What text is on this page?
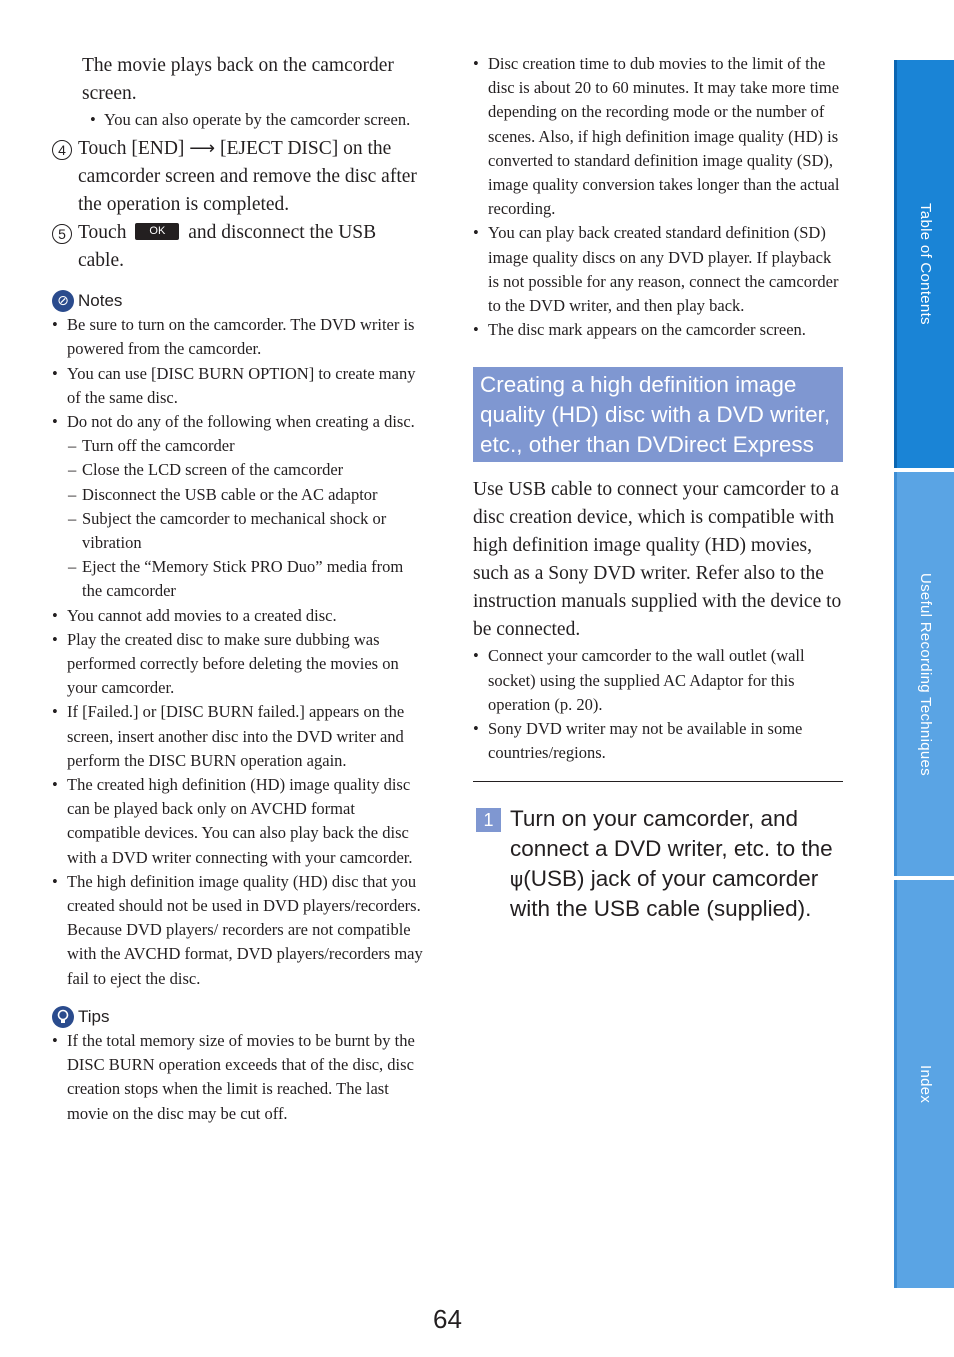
The movie plays back on the camcorder screen.
• You can also operate by the camcorder screen.
4 Touch [END] ⟶ [EJECT DISC] on the camcorder screen and remove the disc after the operation is completed.
5 Touch OK and disconnect the USB cable.
⊘ Notes
• Be sure to turn on the camcorder. The DVD writer is powered from the camcorder.
• You can use [DISC BURN OPTION] to create many of the same disc.
• Do not do any of the following when creating a disc.
– Turn off the camcorder
– Close the LCD screen of the camcorder
– Disconnect the USB cable or the AC adaptor
– Subject the camcorder to mechanical shock or vibration
– Eject the “Memory Stick PRO Duo” media from the camcorder
• You cannot add movies to a created disc.
• Play the created disc to make sure dubbing was performed correctly before deleting the movies on your camcorder.
• If [Failed.] or [DISC BURN failed.] appears on the screen, insert another disc into the DVD writer and perform the DISC BURN operation again.
• The created high definition (HD) image quality disc can be played back only on AVCHD format compatible devices. You can also play back the disc with a DVD writer connecting with your camcorder.
• The high definition image quality (HD) disc that you created should not be used in DVD players/recorders. Because DVD players/ recorders are not compatible with the AVCHD format, DVD players/recorders may fail to eject the disc.
Tips
• If the total memory size of movies to be burnt by the DISC BURN operation exceeds that of the disc, disc creation stops when the limit is reached. The last movie on the disc may be cut off.
• Disc creation time to dub movies to the limit of the disc is about 20 to 60 minutes. It may take more time depending on the recording mode or the number of scenes. Also, if high definition image quality (HD) is converted to standard definition image quality (SD), image quality conversion takes longer than the actual recording.
• You can play back created standard definition (SD) image quality discs on any DVD player. If playback is not possible for any reason, connect the camcorder to the DVD writer, and then play back.
• The disc mark appears on the camcorder screen.
Creating a high definition image quality (HD) disc with a DVD writer, etc., other than DVDirect Express
Use USB cable to connect your camcorder to a disc creation device, which is compatible with high definition image quality (HD) movies, such as a Sony DVD writer. Refer also to the instruction manuals supplied with the device to be connected.
• Connect your camcorder to the wall outlet (wall socket) using the supplied AC Adaptor for this operation (p. 20).
• Sony DVD writer may not be available in some countries/regions.
1 Turn on your camcorder, and connect a DVD writer, etc. to the ψ(USB) jack of your camcorder with the USB cable (supplied).
Table of Contents
Useful Recording Techniques
Index
64
